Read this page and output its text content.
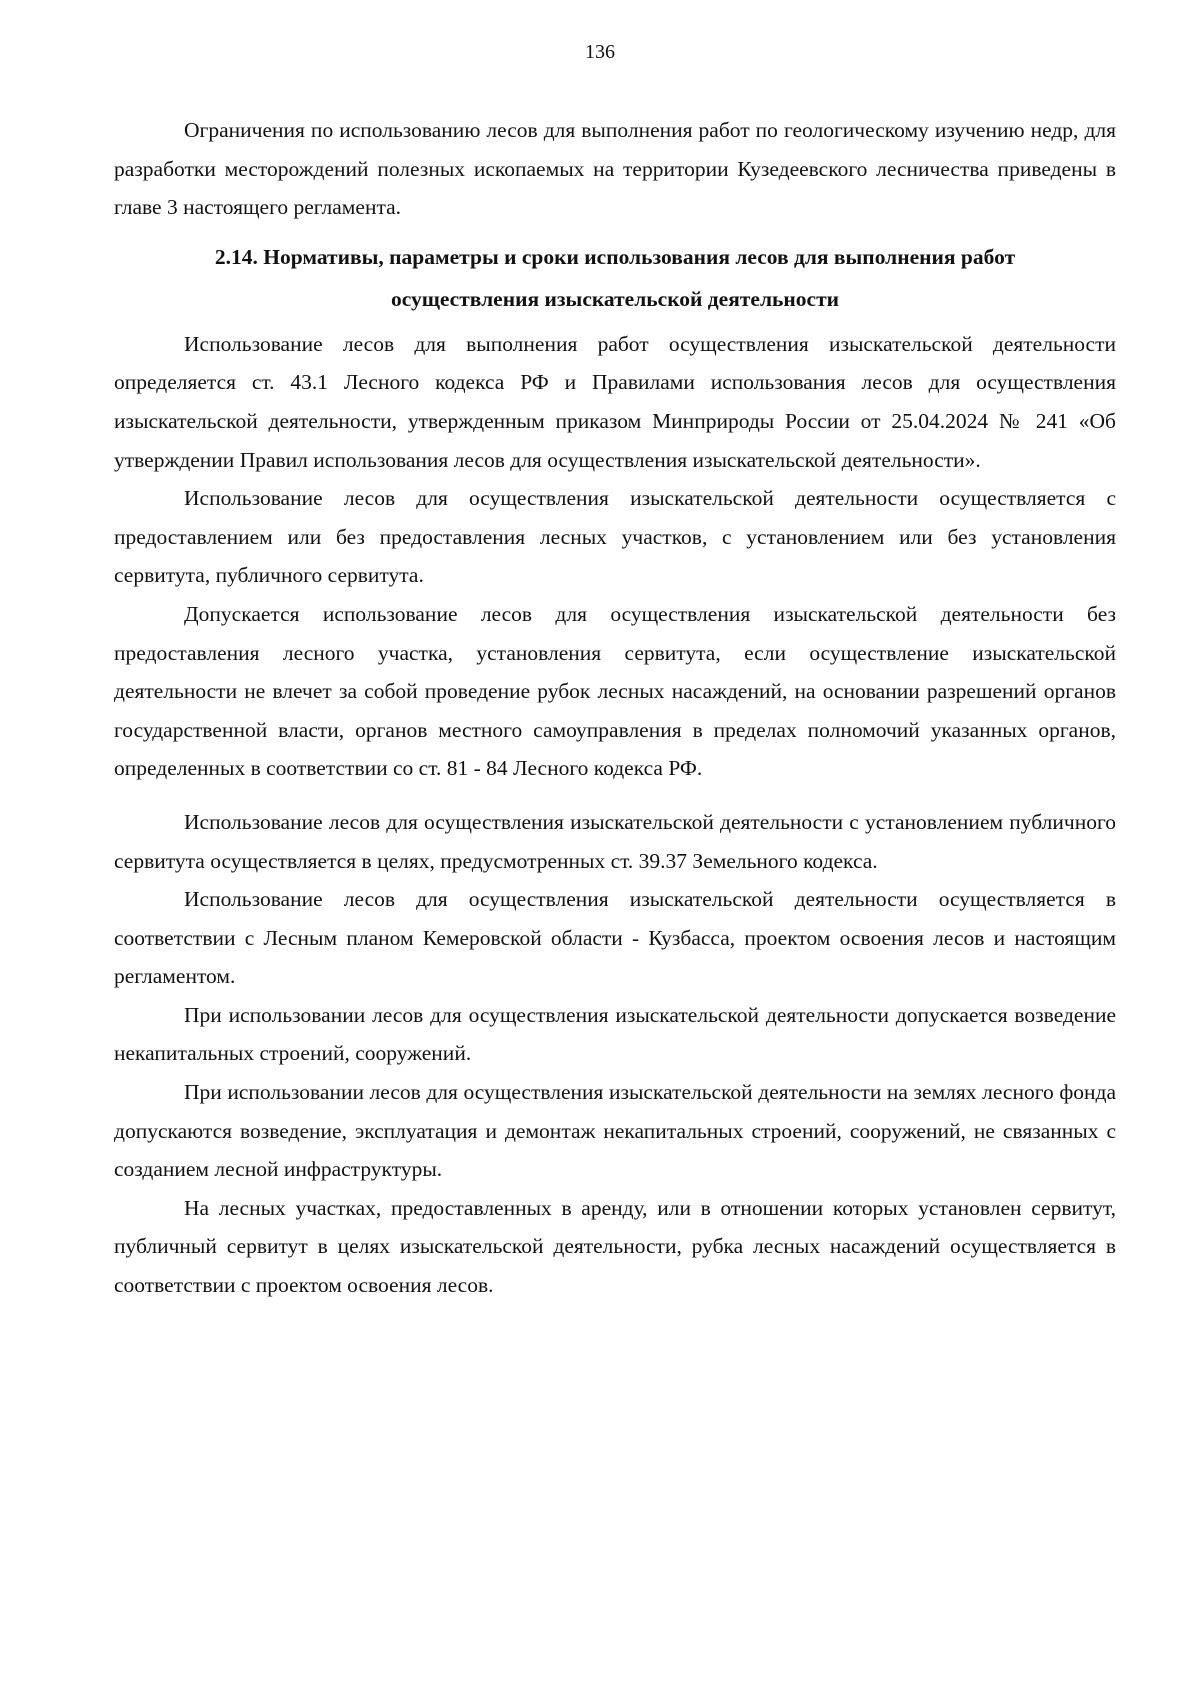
136

Ограничения по использованию лесов для выполнения работ по геологическому изучению недр, для разработки месторождений полезных ископаемых на территории Кузедеевского лесничества приведены в главе 3 настоящего регламента.

2.14. Нормативы, параметры и сроки использования лесов для выполнения работ
осуществления изыскательской деятельности

Использование лесов для выполнения работ осуществления изыскательской деятельности определяется ст. 43.1 Лесного кодекса РФ и Правилами использования лесов для осуществления изыскательской деятельности, утвержденным приказом Минприроды России от 25.04.2024 № 241 «Об утверждении Правил использования лесов для осуществления изыскательской деятельности».

Использование лесов для осуществления изыскательской деятельности осуществляется с предоставлением или без предоставления лесных участков, с установлением или без установления сервитута, публичного сервитута.

Допускается использование лесов для осуществления изыскательской деятельности без предоставления лесного участка, установления сервитута, если осуществление изыскательской деятельности не влечет за собой проведение рубок лесных насаждений, на основании разрешений органов государственной власти, органов местного самоуправления в пределах полномочий указанных органов, определенных в соответствии со ст. 81 - 84 Лесного кодекса РФ.

Использование лесов для осуществления изыскательской деятельности с установлением публичного сервитута осуществляется в целях, предусмотренных ст. 39.37 Земельного кодекса.

Использование лесов для осуществления изыскательской деятельности осуществляется в соответствии с Лесным планом Кемеровской области - Кузбасса, проектом освоения лесов и настоящим регламентом.

При использовании лесов для осуществления изыскательской деятельности допускается возведение некапитальных строений, сооружений.

При использовании лесов для осуществления изыскательской деятельности на землях лесного фонда допускаются возведение, эксплуатация и демонтаж некапитальных строений, сооружений, не связанных с созданием лесной инфраструктуры.

На лесных участках, предоставленных в аренду, или в отношении которых установлен сервитут, публичный сервитут в целях изыскательской деятельности, рубка лесных насаждений осуществляется в соответствии с проектом освоения лесов.
